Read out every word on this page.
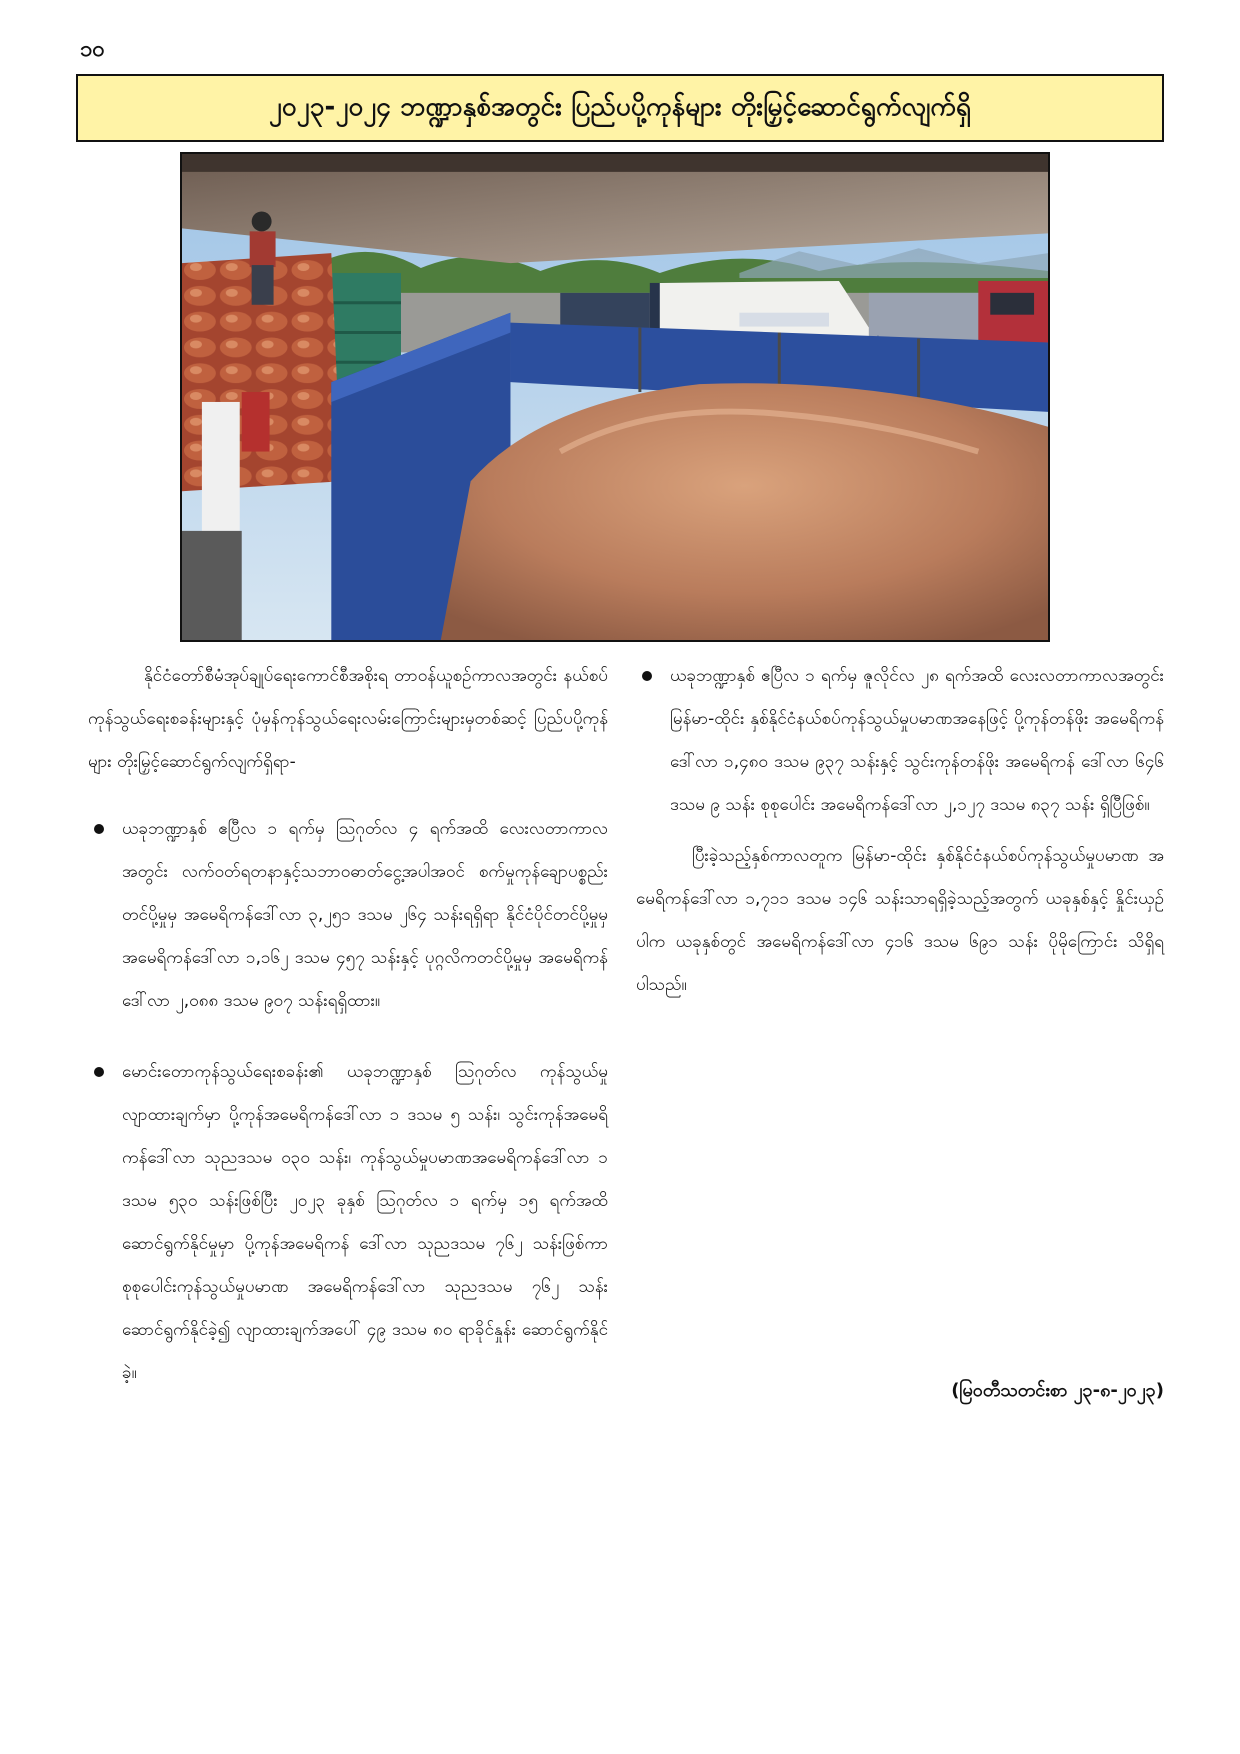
၁၀
၂၀၂၃-၂၀၂၄ ဘဏ္ဍာနှစ်အတွင်း ပြည်ပပို့ကုန်များ တိုးမြှင့်ဆောင်ရွက်လျက်ရှိ

နိုင်ငံတော်စီမံအုပ်ချုပ်ရေးကောင်စီအစိုးရ တာဝန်ယူစဉ်ကာလအတွင်း နယ်စပ်ကုန်သွယ်ရေးစခန်းများနှင့် ပုံမှန်ကုန်သွယ်ရေးလမ်းကြောင်းများမှတစ်ဆင့် ပြည်ပပို့ကုန်များ တိုးမြှင့်ဆောင်ရွက်လျက်ရှိရာ-

ယခုဘဏ္ဍာနှစ် ဧပြီလ ၁ ရက်မှ ဩဂုတ်လ ၄ ရက်အထိ လေးလတာကာလအတွင်း လက်ဝတ်ရတနာနှင့်သဘာဝဓာတ်ငွေ့အပါအဝင် စက်မှုကုန်ချောပစ္စည်းတင်ပို့မှုမှ အမေရိကန်ဒေါ်လာ ၃,၂၅၁ ဒသမ ၂၆၄ သန်းရရှိရာ နိုင်ငံပိုင်တင်ပို့မှုမှ အမေရိကန်ဒေါ်လာ ၁,၁၆၂ ဒသမ ၄၅၇ သန်းနှင့် ပုဂ္ဂလိကတင်ပို့မှုမှ အမေရိကန် ဒေါ်လာ ၂,၀၈၈ ဒသမ ၉၀၇ သန်းရရှိထား။
မောင်းတောကုန်သွယ်ရေးစခန်း၏ ယခုဘဏ္ဍာနှစ် ဩဂုတ်လ ကုန်သွယ်မှုလျာထားချက်မှာ ပို့ကုန်အမေရိကန်ဒေါ်လာ ၁ ဒသမ ၅ သန်း၊ သွင်းကုန်အမေရိကန်ဒေါ်လာ သုညဒသမ ဝ၃ဝ သန်း၊ ကုန်သွယ်မှုပမာဏအမေရိကန်ဒေါ်လာ ၁ ဒသမ ၅၃ဝ သန်းဖြစ်ပြီး ၂၀၂၃ ခုနှစ် ဩဂုတ်လ ၁ ရက်မှ ၁၅ ရက်အထိ ဆောင်ရွက်နိုင်မှုမှာ ပို့ကုန်အမေရိကန် ဒေါ်လာ သုညဒသမ ၇၆၂ သန်းဖြစ်ကာ စုစုပေါင်းကုန်သွယ်မှုပမာဏ အမေရိကန်ဒေါ်လာ သုညဒသမ ၇၆၂ သန်းဆောင်ရွက်နိုင်ခဲ့၍ လျာထားချက်အပေါ် ၄၉ ဒသမ ၈၀ ရာခိုင်နှုန်း ဆောင်ရွက်နိုင်ခဲ့။
ယခုဘဏ္ဍာနှစ် ဧပြီလ ၁ ရက်မှ ဇူလိုင်လ ၂၈ ရက်အထိ လေးလတာကာလအတွင်း မြန်မာ-ထိုင်း နှစ်နိုင်ငံနယ်စပ်ကုန်သွယ်မှုပမာဏအနေဖြင့် ပို့ကုန်တန်ဖိုး အမေရိကန်ဒေါ်လာ ၁,၄၈၀ ဒသမ ၉၃၇ သန်းနှင့် သွင်းကုန်တန်ဖိုး အမေရိကန် ဒေါ်လာ ၆၄၆ ဒသမ ၉ သန်း စုစုပေါင်း အမေရိကန်ဒေါ်လာ ၂,၁၂၇ ဒသမ ၈၃၇ သန်း ရှိပြီဖြစ်။

ပြီးခဲ့သည့်နှစ်ကာလတူက မြန်မာ-ထိုင်း နှစ်နိုင်ငံနယ်စပ်ကုန်သွယ်မှုပမာဏ အမေရိကန်ဒေါ်လာ ၁,၇၁၁ ဒသမ ၁၄၆ သန်းသာရရှိခဲ့သည့်အတွက် ယခုနှစ်နှင့် နှိုင်းယှဉ်ပါက ယခုနှစ်တွင် အမေရိကန်ဒေါ်လာ ၄၁၆ ဒသမ ၆၉၁ သန်း ပိုမိုကြောင်း သိရှိရပါသည်။

(မြဝတီသတင်းစာ ၂၃-၈-၂၀၂၃)
